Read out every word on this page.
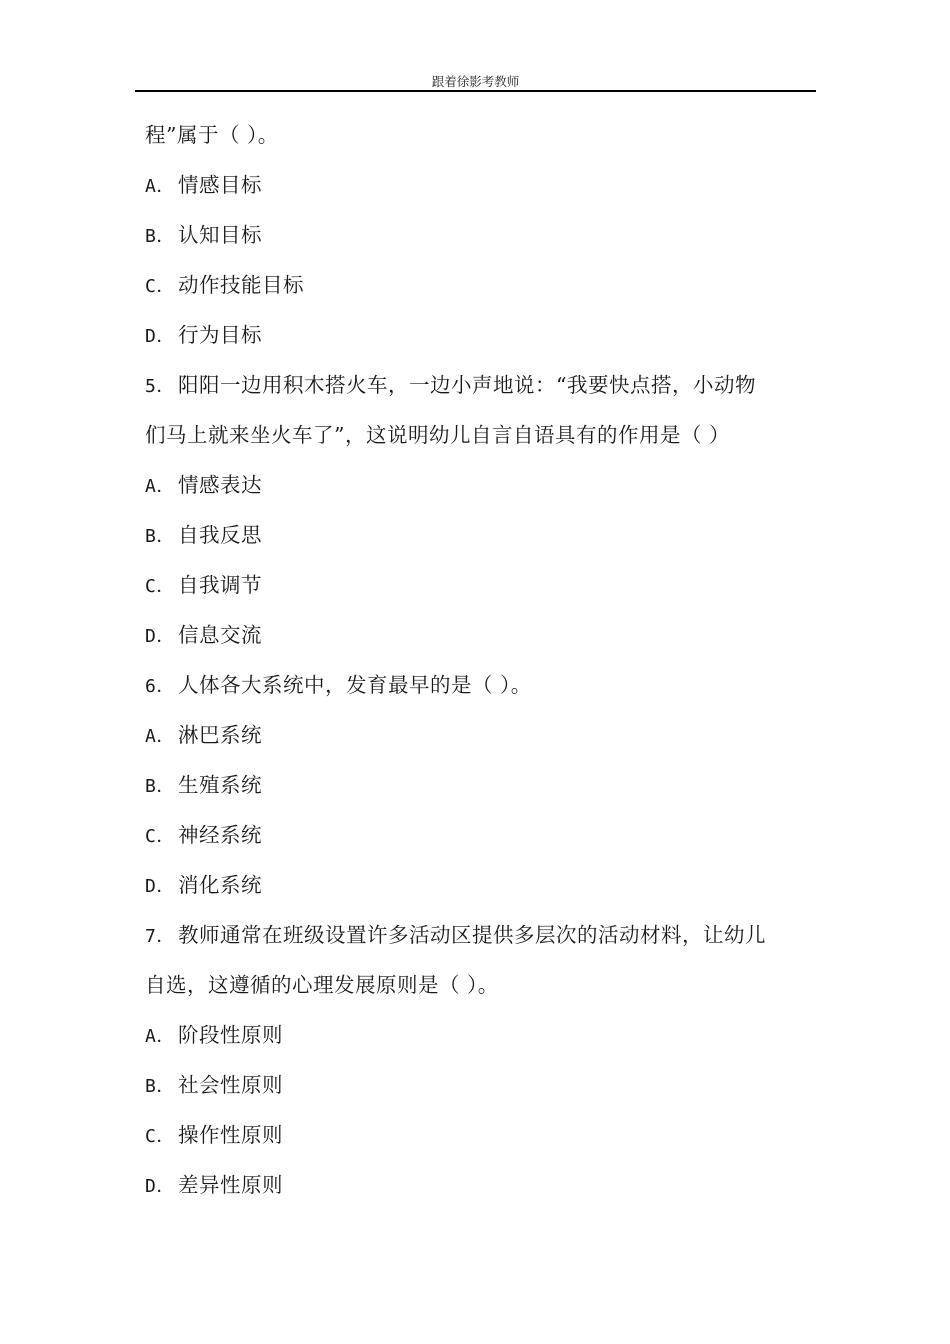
跟着徐影考教师
程”属于（ ）。
A． 情感目标
B． 认知目标
C． 动作技能目标
D． 行为目标
5． 阳阳一边用积木搭火车，一边小声地说：“我要快点搭，小动物
们马上就来坐火车了”，这说明幼儿自言自语具有的作用是（ ）
A． 情感表达
B． 自我反思
C． 自我调节
D． 信息交流
6． 人体各大系统中，发育最早的是（ ）。
A． 淋巴系统
B． 生殖系统
C． 神经系统
D． 消化系统
7． 教师通常在班级设置许多活动区提供多层次的活动材料，让幼儿
自选，这遵循的心理发展原则是（ ）。
A． 阶段性原则
B． 社会性原则
C． 操作性原则
D． 差异性原则
